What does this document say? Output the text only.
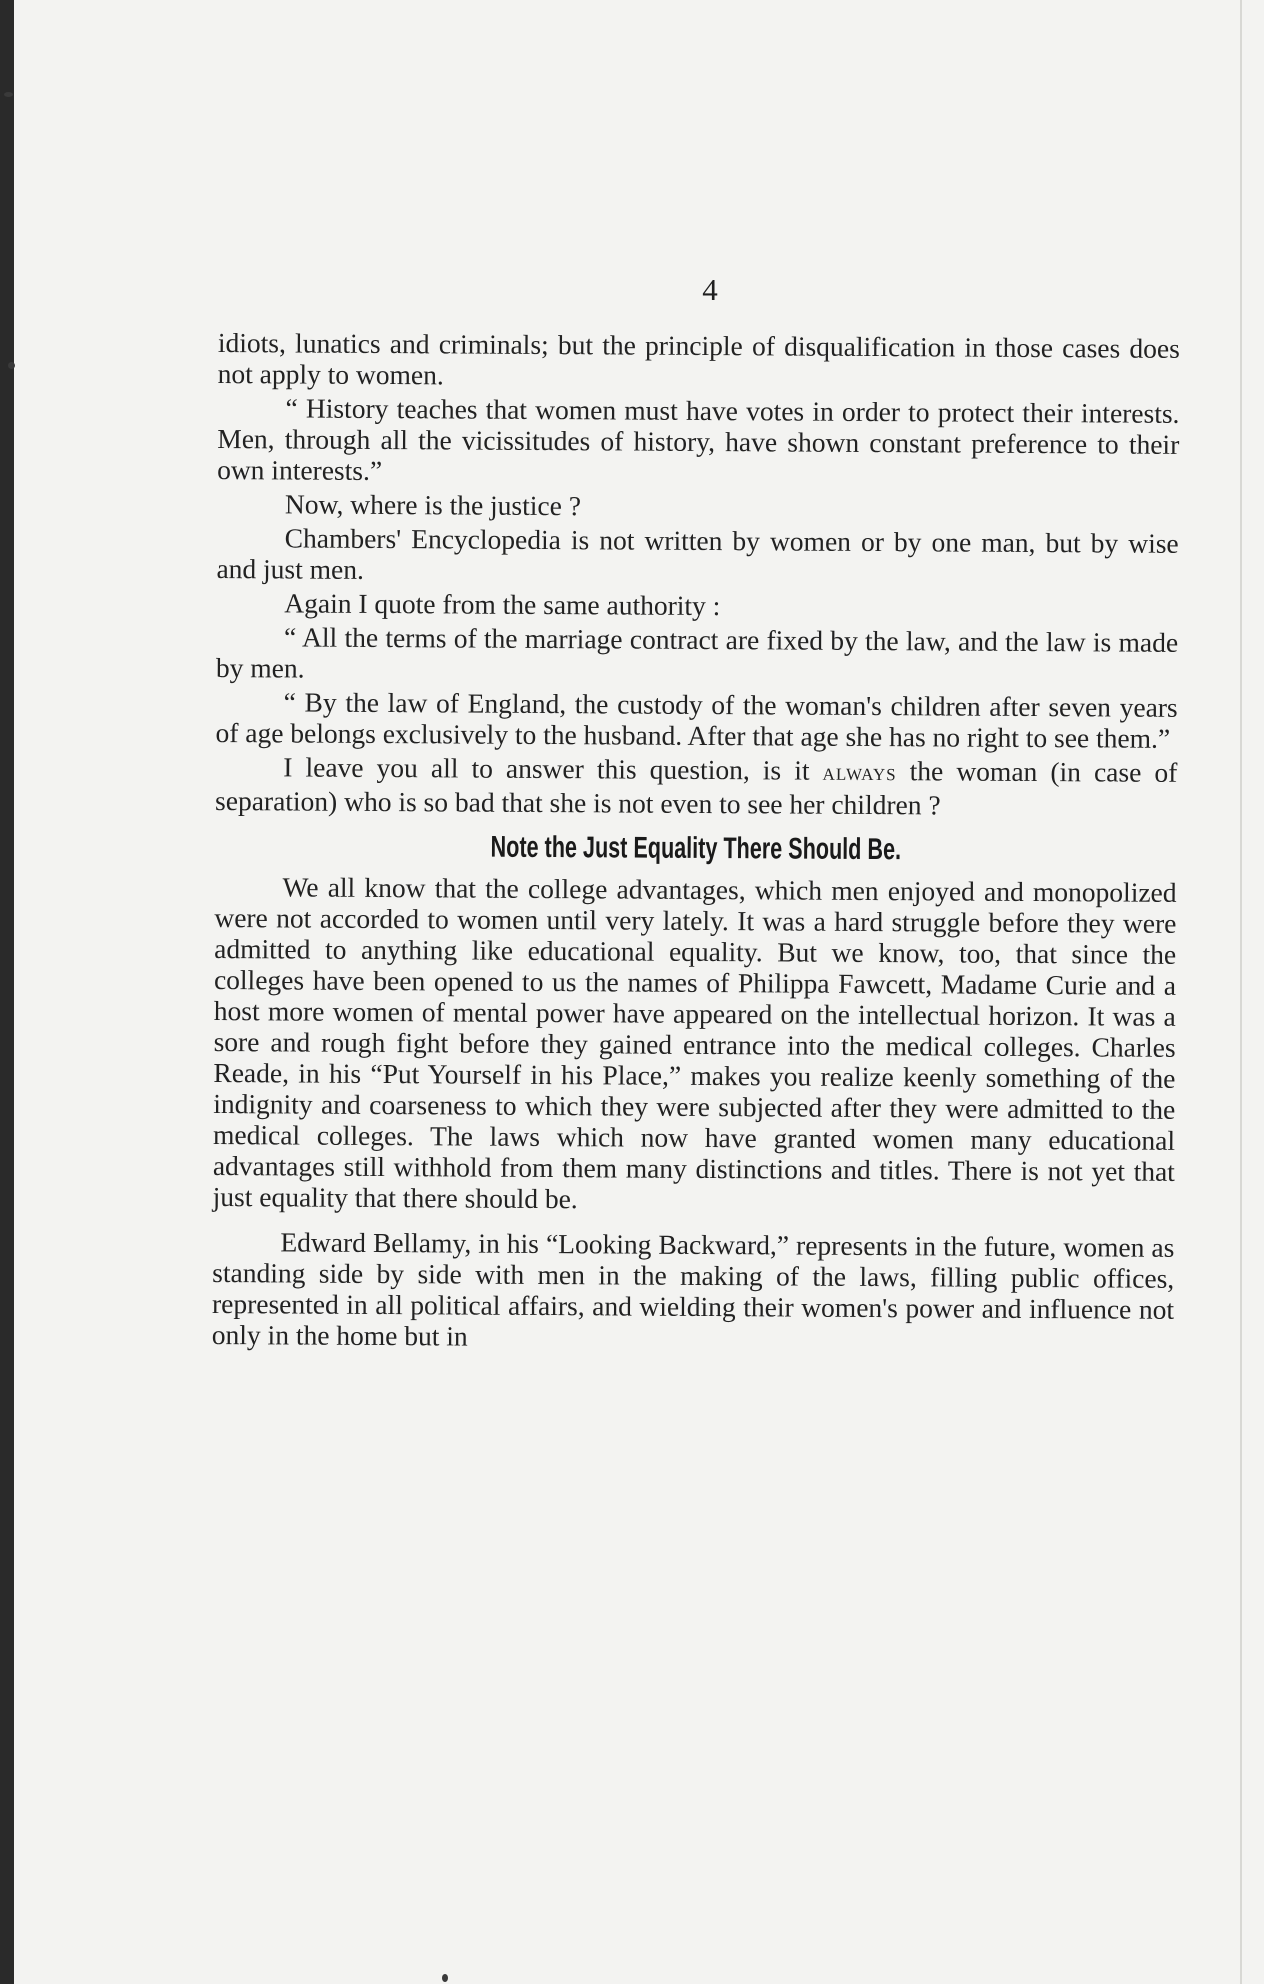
4

idiots, lunatics and criminals; but the principle of disqualification in those cases does not apply to women.

“ History teaches that women must have votes in order to protect their interests. Men, through all the vicissitudes of history, have shown constant preference to their own interests.”

Now, where is the justice ?

Chambers' Encyclopedia is not written by women or by one man, but by wise and just men.

Again I quote from the same authority :

“ All the terms of the marriage contract are fixed by the law, and the law is made by men.

“ By the law of England, the custody of the woman's children after seven years of age belongs exclusively to the husband. After that age she has no right to see them.”

I leave you all to answer this question, is it always the woman (in case of separation) who is so bad that she is not even to see her children ?

Note the Just Equality There Should Be.

We all know that the college advantages, which men enjoyed and monopolized were not accorded to women until very lately. It was a hard struggle before they were admitted to anything like educational equality. But we know, too, that since the colleges have been opened to us the names of Philippa Fawcett, Madame Curie and a host more women of mental power have appeared on the intellectual horizon. It was a sore and rough fight before they gained entrance into the medical colleges. Charles Reade, in his “Put Yourself in his Place,” makes you realize keenly something of the indignity and coarseness to which they were subjected after they were admitted to the medical colleges. The laws which now have granted women many educational advantages still withhold from them many distinctions and titles. There is not yet that just equality that there should be.

Edward Bellamy, in his “Looking Backward,” represents in the future, women as standing side by side with men in the making of the laws, filling public offices, represented in all political affairs, and wielding their women's power and influence not only in the home but in
